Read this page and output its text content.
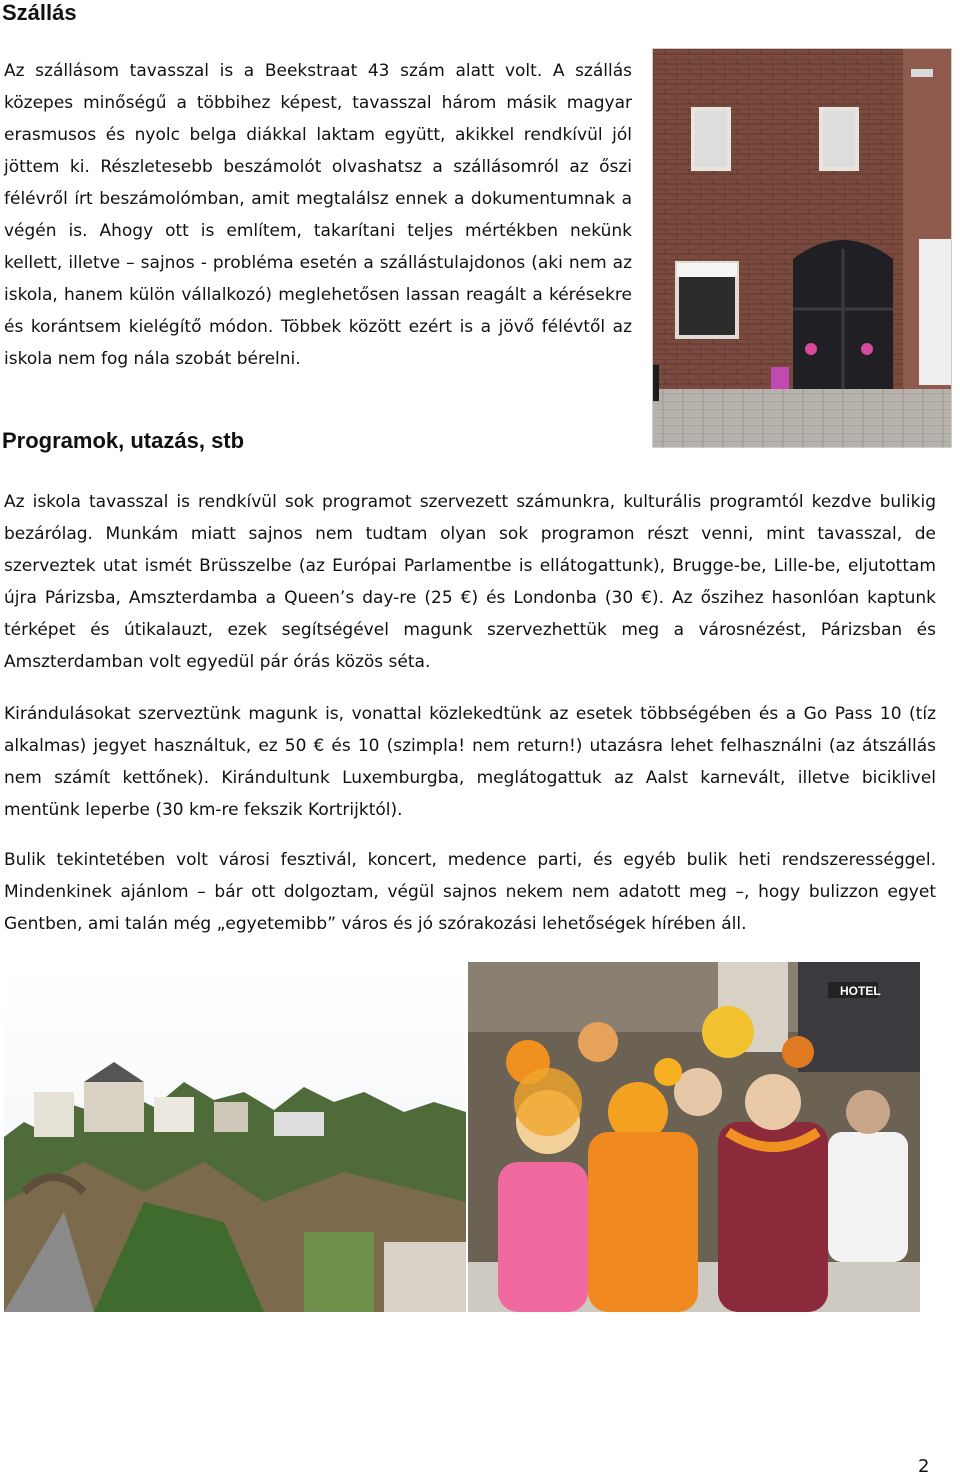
Szállás

Az szállásom tavasszal is a Beekstraat 43 szám alatt volt. A szállás közepes minőségű a többihez képest, tavasszal három másik magyar erasmusos és nyolc belga diákkal laktam együtt, akikkel rendkívül jól jöttem ki. Részletesebb beszámolót olvashatsz a szállásomról az őszi félévről írt beszámolómban, amit megtalálsz ennek a dokumentumnak a végén is. Ahogy ott is említem, takarítani teljes mértékben nekünk kellett, illetve – sajnos - probléma esetén a szállástulajdonos (aki nem az iskola, hanem külön vállalkozó) meglehetősen lassan reagált a kérésekre és korántsem kielégítő módon. Többek között ezért is a jövő félévtől az iskola nem fog nála szobát bérelni.

Programok, utazás, stb

Az iskola tavasszal is rendkívül sok programot szervezett számunkra, kulturális programtól kezdve bulikig bezárólag. Munkám miatt sajnos nem tudtam olyan sok programon részt venni, mint tavasszal, de szerveztek utat ismét Brüsszelbe (az Európai Parlamentbe is ellátogattunk), Brugge-be, Lille-be, eljutottam újra Párizsba, Amszterdamba a Queen’s day-re (25 €) és Londonba (30 €). Az őszihez hasonlóan kaptunk térképet és útikalauzt, ezek segítségével magunk szervezhettük meg a városnézést, Párizsban és Amszterdamban volt egyedül pár órás közös séta.

Kirándulásokat szerveztünk magunk is, vonattal közlekedtünk az esetek többségében és a Go Pass 10 (tíz alkalmas) jegyet használtuk, ez 50 € és 10 (szimpla! nem return!) utazásra lehet felhasználni (az átszállás nem számít kettőnek). Kirándultunk Luxemburgba, meglátogattuk az Aalst karnevált, illetve biciklivel mentünk leperbe (30 km-re fekszik Kortrijktól).

Bulik tekintetében volt városi fesztivál, koncert, medence parti, és egyéb bulik heti rendszerességgel. Mindenkinek ajánlom – bár ott dolgoztam, végül sajnos nekem nem adatott meg –, hogy bulizzon egyet Gentben, ami talán még „egyetemibb” város és jó szórakozási lehetőségek hírében áll.

HOTEL
2
